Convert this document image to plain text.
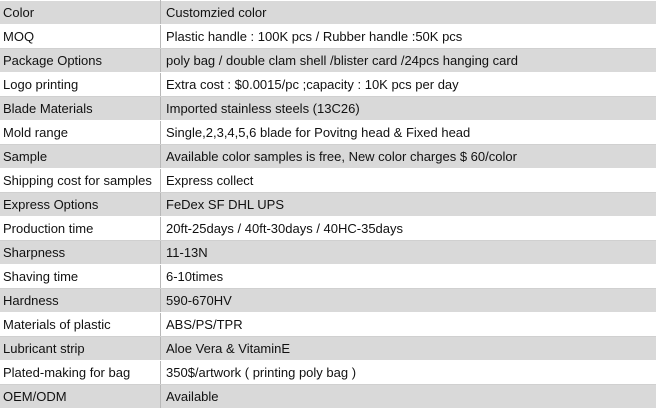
Color	Customzied color
MOQ	Plastic handle : 100K pcs / Rubber handle :50K pcs
Package Options	poly bag / double clam shell /blister card /24pcs hanging card
Logo printing	Extra cost : $0.0015/pc ;capacity : 10K pcs per day
Blade Materials	Imported stainless steels (13C26)
Mold range	Single,2,3,4,5,6 blade for Povitng head & Fixed head
Sample	Available color samples is free, New color charges $ 60/color
Shipping cost for samples	Express collect
Express Options	FeDex SF DHL UPS
Production time	20ft-25days / 40ft-30days / 40HC-35days
Sharpness	11-13N
Shaving time	6-10times
Hardness	590-670HV
Materials of plastic	ABS/PS/TPR
Lubricant strip	Aloe Vera & VitaminE
Plated-making for bag	350$/artwork ( printing poly bag )
OEM/ODM	Available
